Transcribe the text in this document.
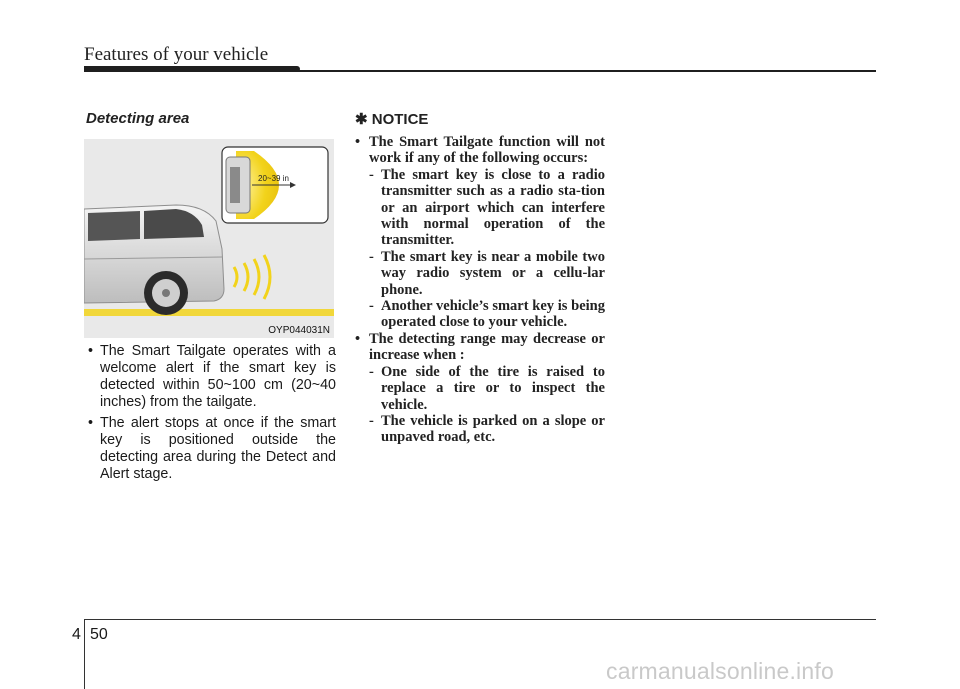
Features of your vehicle
Detecting area
20~39 in
OYP044031N
• The Smart Tailgate operates with a welcome alert if the smart key is detected within 50~100 cm (20~40 inches) from the tailgate.
• The alert stops at once if the smart key is positioned outside the detecting area during the Detect and Alert stage.
✱ NOTICE
• The Smart Tailgate function will not work if any of the following occurs:
- The smart key is close to a radio transmitter such as a radio sta-tion or an airport which can interfere with normal operation of the transmitter.
- The smart key is near a mobile two way radio system or a cellu-lar phone.
- Another vehicle’s smart key is being operated close to your vehicle.
• The detecting range may decrease or increase when :
- One side of the tire is raised to replace a tire or to inspect the vehicle.
- The vehicle is parked on a slope or unpaved road, etc.
4 50
carmanualsonline.info
